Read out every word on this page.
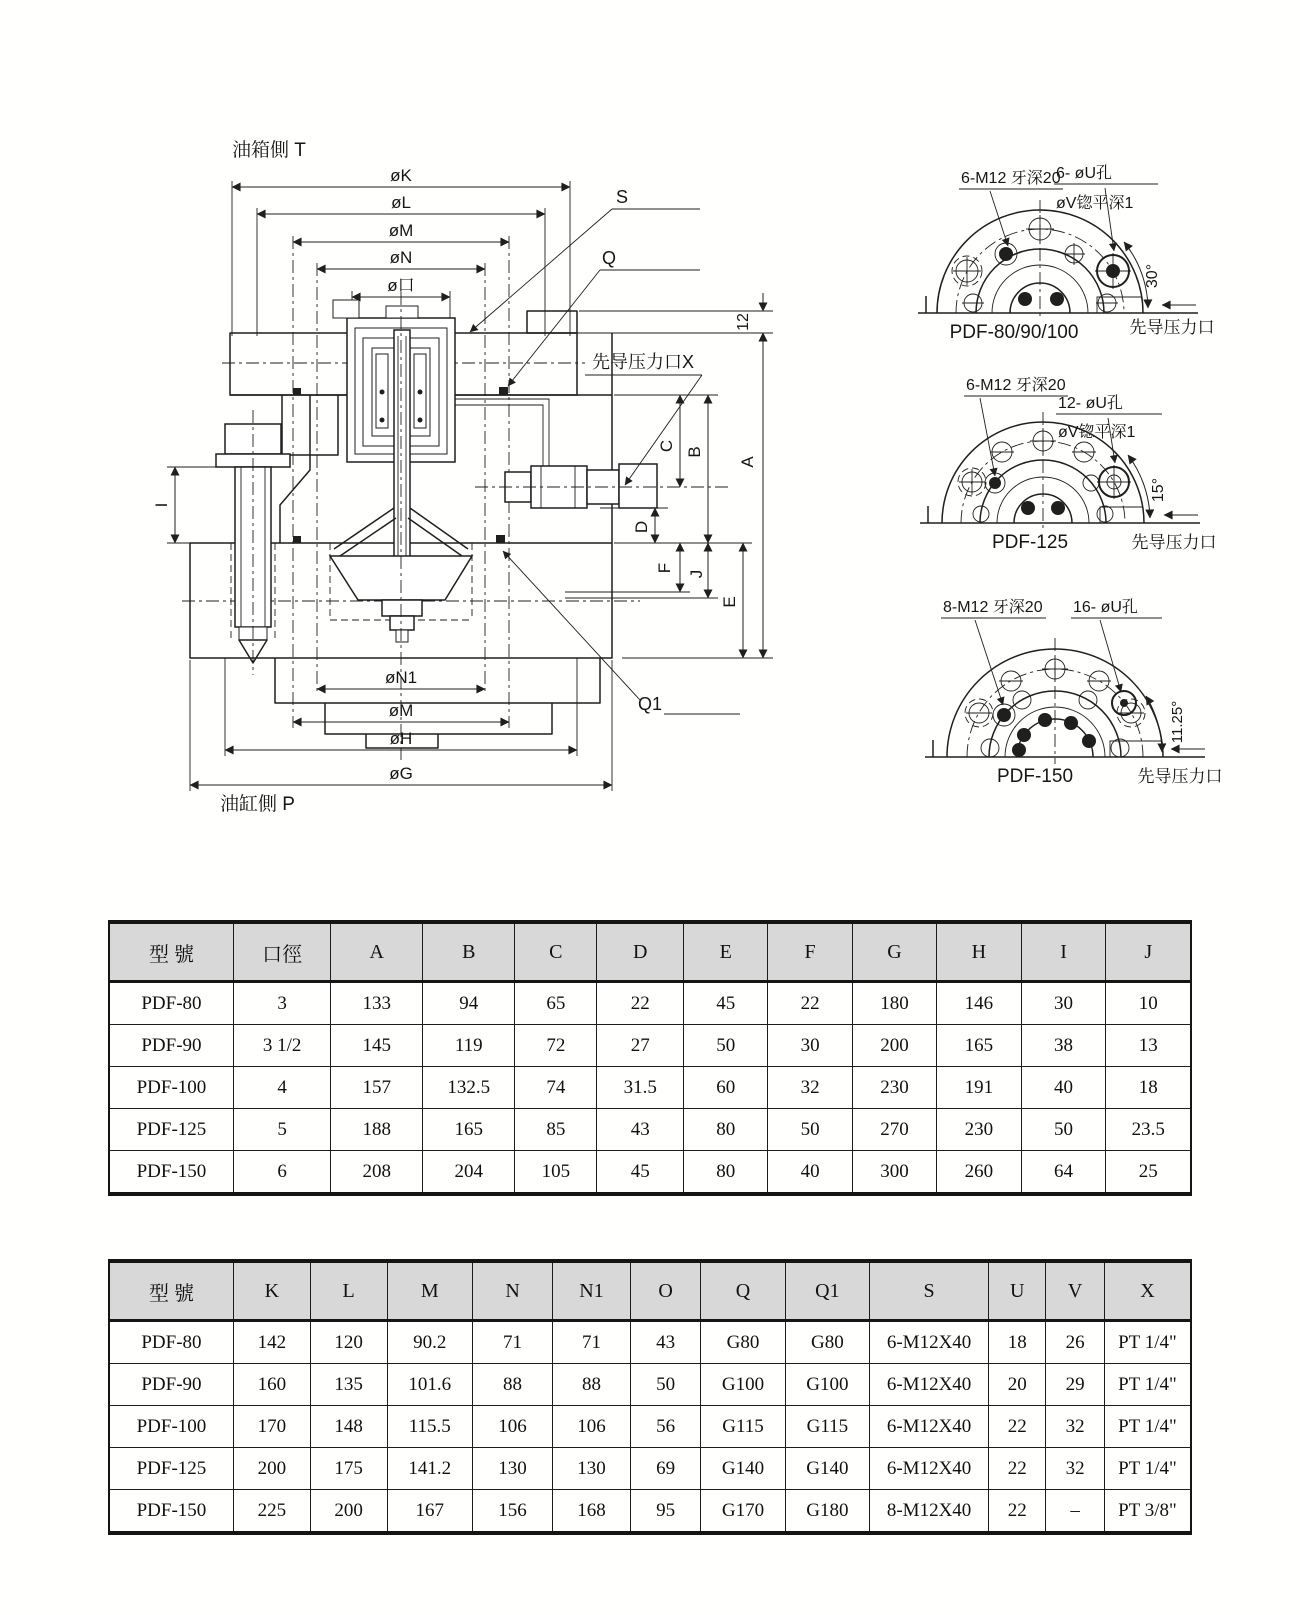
油箱側 T
油缸側 P
øK
øL
øM
øN
ø口
12
B
A
C
D
F
J
E
I
øN1
øM
øH
øG
S
Q
Q1
先导压力口X
6-M12 牙深20
6- øU孔
øV锪平深1
30°
先导压力口
PDF-80/90/100
6-M12 牙深20
12- øU孔
øV锪平深1
15°
先导压力口
PDF-125
8-M12 牙深20 16- øU孔
11.25°
先导压力口
PDF-150
型 號	口徑	A	B	C	D	E	F	G	H	I	J
PDF-80	3	133	94	65	22	45	22	180	146	30	10
PDF-90	3 1/2	145	119	72	27	50	30	200	165	38	13
PDF-100	4	157	132.5	74	31.5	60	32	230	191	40	18
PDF-125	5	188	165	85	43	80	50	270	230	50	23.5
PDF-150	6	208	204	105	45	80	40	300	260	64	25
型 號	K	L	M	N	N1	O	Q	Q1	S	U	V	X
PDF-80	142	120	90.2	71	71	43	G80	G80	6-M12X40	18	26	PT 1/4"
PDF-90	160	135	101.6	88	88	50	G100	G100	6-M12X40	20	29	PT 1/4"
PDF-100	170	148	115.5	106	106	56	G115	G115	6-M12X40	22	32	PT 1/4"
PDF-125	200	175	141.2	130	130	69	G140	G140	6-M12X40	22	32	PT 1/4"
PDF-150	225	200	167	156	168	95	G170	G180	8-M12X40	22	–	PT 3/8"
